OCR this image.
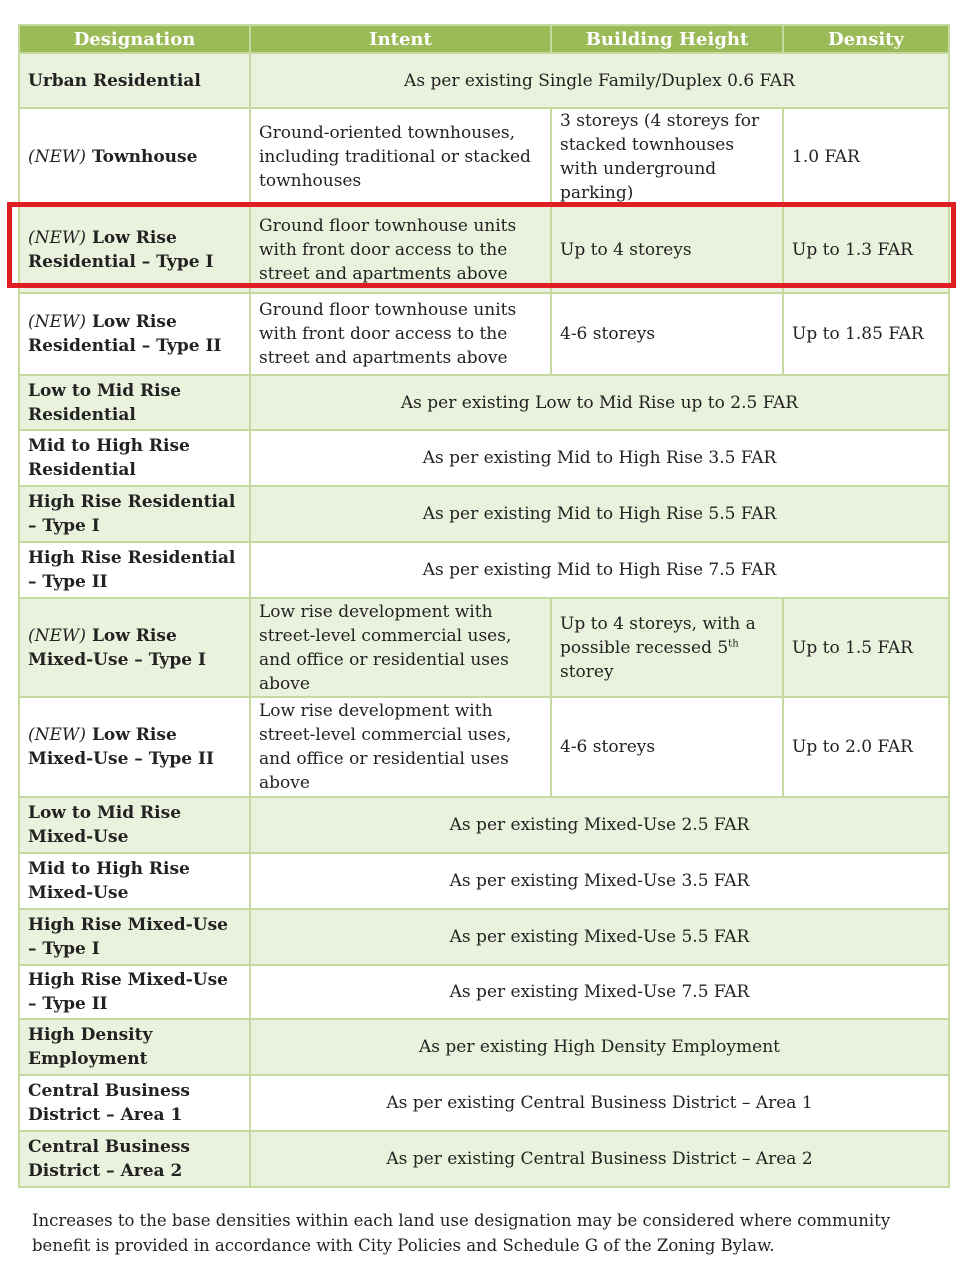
Designation	Intent	Building Height	Density
Urban Residential	As per existing Single Family/Duplex 0.6 FAR		
(NEW) Townhouse	Ground-oriented townhouses, including traditional or stacked townhouses	3 storeys (4 storeys for stacked townhouses with underground parking)	1.0 FAR
(NEW) Low Rise Residential – Type I	Ground floor townhouse units with front door access to the street and apartments above	Up to 4 storeys	Up to 1.3 FAR
(NEW) Low Rise Residential – Type II	Ground floor townhouse units with front door access to the street and apartments above	4-6 storeys	Up to 1.85 FAR
Low to Mid Rise Residential	As per existing Low to Mid Rise up to 2.5 FAR		
Mid to High Rise Residential	As per existing Mid to High Rise 3.5 FAR		
High Rise Residential – Type I	As per existing Mid to High Rise 5.5 FAR		
High Rise Residential – Type II	As per existing Mid to High Rise 7.5 FAR		
(NEW) Low Rise Mixed-Use – Type I	Low rise development with street-level commercial uses, and office or residential uses above	Up to 4 storeys, with a possible recessed 5th storey	Up to 1.5 FAR
(NEW) Low Rise Mixed-Use – Type II	Low rise development with street-level commercial uses, and office or residential uses above	4-6 storeys	Up to 2.0 FAR
Low to Mid Rise Mixed-Use	As per existing Mixed-Use 2.5 FAR		
Mid to High Rise Mixed-Use	As per existing Mixed-Use 3.5 FAR		
High Rise Mixed-Use – Type I	As per existing Mixed-Use 5.5 FAR		
High Rise Mixed-Use – Type II	As per existing Mixed-Use 7.5 FAR		
High Density Employment	As per existing High Density Employment		
Central Business District – Area 1	As per existing Central Business District – Area 1		
Central Business District – Area 2	As per existing Central Business District – Area 2		
Increases to the base densities within each land use designation may be considered where community benefit is provided in accordance with City Policies and Schedule G of the Zoning Bylaw.
